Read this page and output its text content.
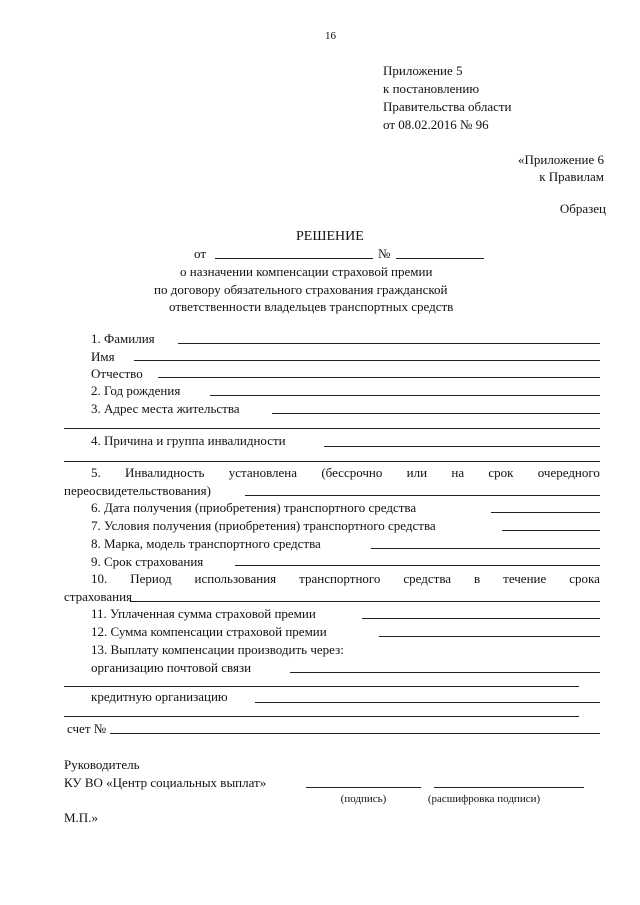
16
Приложение 5
к постановлению
Правительства области
от 08.02.2016 № 96
«Приложение 6
к Правилам
Образец
РЕШЕНИЕ
от	№
о назначении компенсации страховой премии
по договору обязательного страхования гражданской
ответственности владельцев транспортных средств
1. Фамилия
Имя
Отчество
2. Год рождения
3. Адрес места жительства
4. Причина и группа инвалидности
5. Инвалидность установлена (бессрочно или на срок очередного
переосвидетельствования)
6. Дата получения (приобретения) транспортного средства
7. Условия получения (приобретения) транспортного средства
8. Марка, модель транспортного средства
9. Срок страхования
10. Период использования транспортного средства в течение срока
страхования
11. Уплаченная сумма страховой премии
12. Сумма компенсации страховой премии
13. Выплату компенсации производить через:
организацию почтовой связи
кредитную организацию
счет №
Руководитель
КУ ВО «Центр социальных выплат»
(подпись)	(расшифровка подписи)
М.П.»
